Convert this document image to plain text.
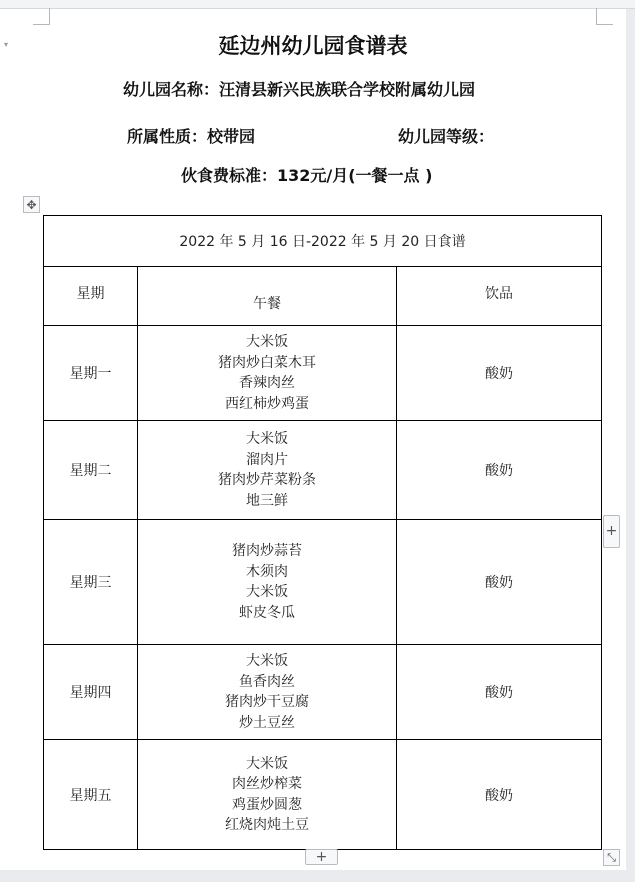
▾	延边州幼儿园食谱表
幼儿园名称：汪清县新兴民族联合学校附属幼儿园
所属性质：校带园	幼儿园等级：
伙食费标准：132元/月(一餐一点 )
✥
2022 年 5 月 16 日-2022 年 5 月 20 日食谱		

星期	午餐	饮品

星期一	大米饭
猪肉炒白菜木耳
香辣肉丝
西红柿炒鸡蛋	酸奶
星期二	大米饭
溜肉片
猪肉炒芹菜粉条
地三鲜	酸奶
星期三	猪肉炒蒜苔
木须肉
大米饭
虾皮冬瓜	酸奶
星期四	大米饭
鱼香肉丝
猪肉炒干豆腐
炒土豆丝	酸奶
星期五	大米饭
肉丝炒榨菜
鸡蛋炒圆葱
红烧肉炖土豆	酸奶
+
+	⤡
